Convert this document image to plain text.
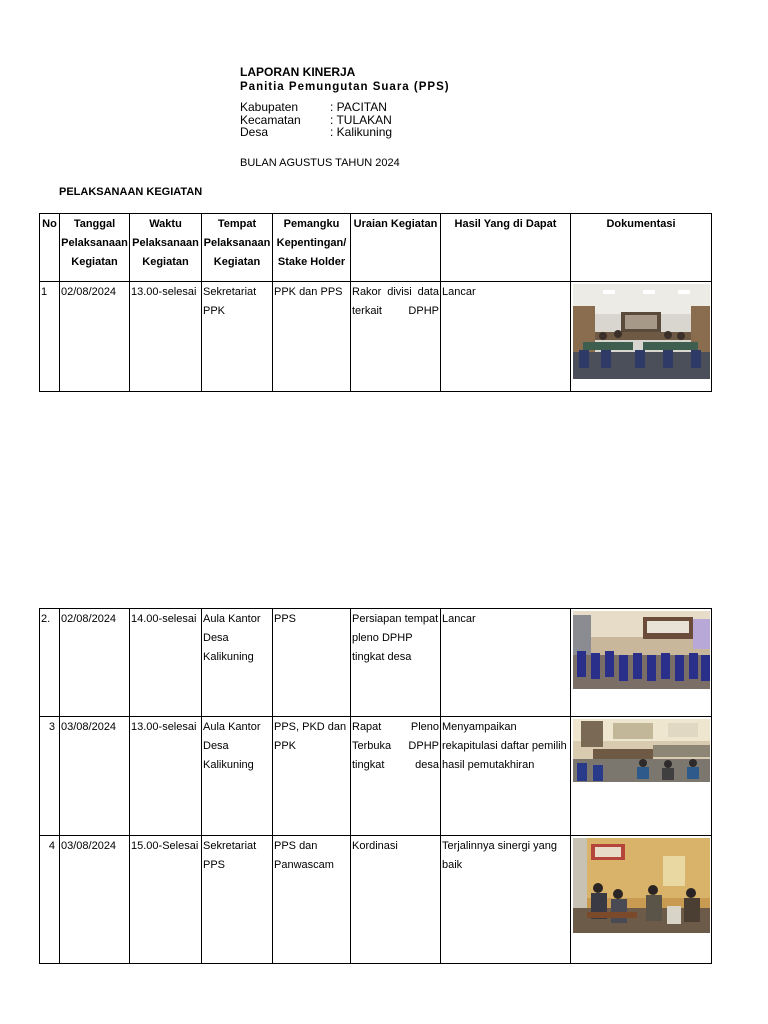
LAPORAN KINERJA
Panitia Pemungutan Suara (PPS)
Kabupaten	: PACITAN
Kecamatan	: TULAKAN
Desa	: Kalikuning
BULAN AGUSTUS TAHUN 2024
PELAKSANAAN KEGIATAN
No	Tanggal Pelaksanaan Kegiatan	Waktu Pelaksanaan Kegiatan	Tempat Pelaksanaan Kegiatan	Pemangku Kepentingan/ Stake Holder	Uraian Kegiatan	Hasil Yang di Dapat	Dokumentasi
1	02/08/2024	13.00-selesai	Sekretariat PPK	PPK dan PPS	Rakor divisi data terkait DPHP	Lancar	
2.	02/08/2024	14.00-selesai	Aula Kantor Desa Kalikuning	PPS	Persiapan tempat pleno DPHP tingkat desa	Lancar	

3	03/08/2024	13.00-selesai	Aula Kantor Desa Kalikuning	PPS, PKD dan PPK	Rapat Pleno Terbuka DPHP tingkat desa	Menyampaikan rekapitulasi daftar pemilih hasil pemutakhiran	

4	03/08/2024	15.00-Selesai	Sekretariat PPS	PPS dan Panwascam	Kordinasi	Terjalinnya sinergi yang baik	
